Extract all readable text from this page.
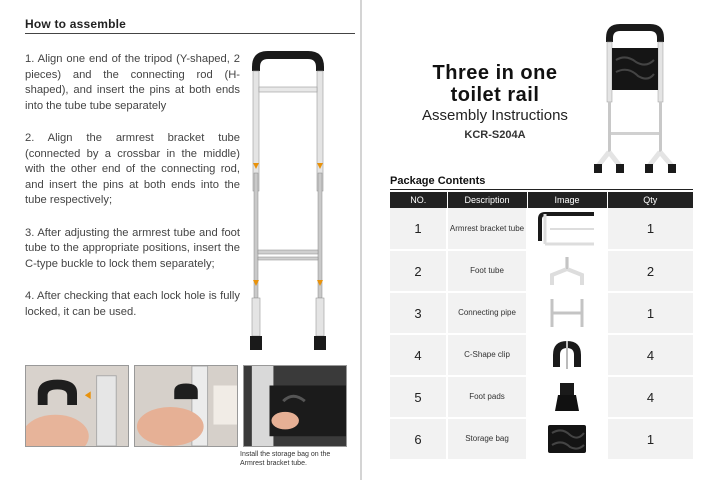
How to assemble

1. Align one end of the tripod (Y-shaped, 2 pieces) and the connecting rod (H-shaped), and insert the pins at both ends into the tube tube separately

2. Align the armrest bracket tube (connected by a crossbar in the middle) with the other end of the connecting rod, and insert the pins at both ends into the tube respectively;

3. After adjusting the armrest tube and foot tube to the appropriate positions, insert the C-type buckle to lock them separately;

4. After checking that each lock hole is fully locked, it can be used.

Install the storage bag on the Armrest bracket tube.
Three in one toilet rail
Assembly Instructions
KCR-S204A
Package Contents
NO.	Description	Image	Qty
1	Armrest bracket tube		1
2	Foot tube		2
3	Connecting pipe		1
4	C-Shape clip		4
5	Foot pads		4
6	Storage bag		1
